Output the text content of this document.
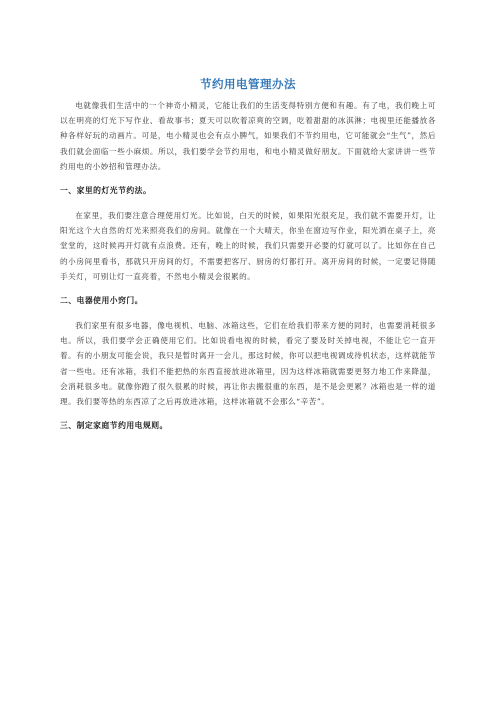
节约用电管理办法

电就像我们生活中的一个神奇小精灵，它能让我们的生活变得特别方便和有趣。有了电，我们晚上可以在明亮的灯光下写作业、看故事书；夏天可以吹着凉爽的空调，吃着甜甜的冰淇淋；电视里还能播放各种各样好玩的动画片。可是，电小精灵也会有点小脾气，如果我们不节约用电，它可能就会“生气”，然后我们就会面临一些小麻烦。所以，我们要学会节约用电，和电小精灵做好朋友。下面就给大家讲讲一些节约用电的小妙招和管理办法。

一、家里的灯光节约法。

在家里，我们要注意合理使用灯光。比如说，白天的时候，如果阳光很充足，我们就不需要开灯，让阳光这个大自然的灯光来照亮我们的房间。就像在一个大晴天，你坐在窗边写作业，阳光洒在桌子上，亮堂堂的，这时候再开灯就有点浪费。还有，晚上的时候，我们只需要开必要的灯就可以了。比如你在自己的小房间里看书，那就只开房间的灯，不需要把客厅、厨房的灯都打开。离开房间的时候，一定要记得随手关灯，可别让灯一直亮着，不然电小精灵会很累的。

二、电器使用小窍门。

我们家里有很多电器，像电视机、电脑、冰箱这些，它们在给我们带来方便的同时，也需要消耗很多电。所以，我们要学会正确使用它们。比如说看电视的时候，看完了要及时关掉电视，不能让它一直开着。有的小朋友可能会说，我只是暂时离开一会儿，那这时候，你可以把电视调成待机状态，这样就能节省一些电。还有冰箱，我们不能把热的东西直接放进冰箱里，因为这样冰箱就需要更努力地工作来降温，会消耗很多电。就像你跑了很久很累的时候，再让你去搬很重的东西，是不是会更累？冰箱也是一样的道理。我们要等热的东西凉了之后再放进冰箱，这样冰箱就不会那么“辛苦”。

三、制定家庭节约用电规则。
